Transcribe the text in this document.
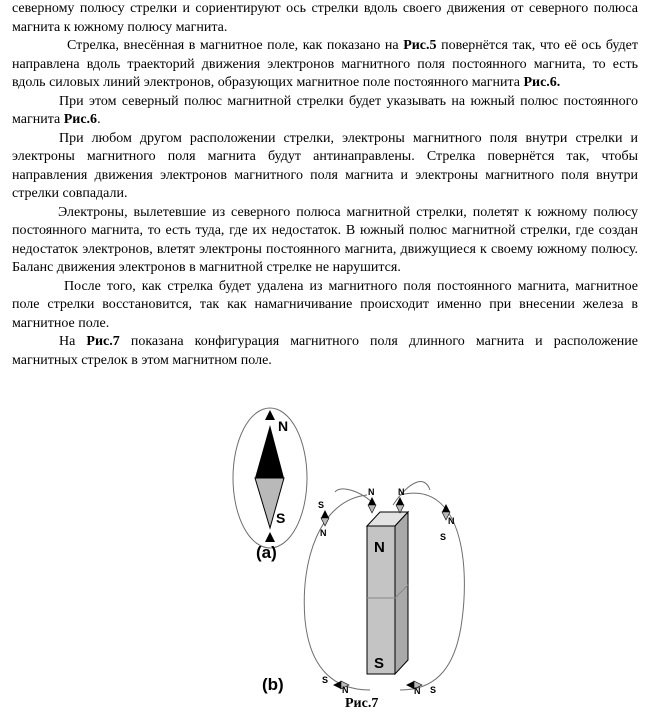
северному полюсу стрелки и сориентируют ось стрелки вдоль своего движения от северного полюса магнита к южному полюсу магнита.

Стрелка, внесённая в магнитное поле, как показано на Рис.5 повернётся так, что её ось будет направлена вдоль траекторий движения электронов магнитного поля постоянного магнита, то есть вдоль силовых линий электронов, образующих магнитное поле постоянного магнита Рис.6.

При этом северный полюс магнитной стрелки будет указывать на южный полюс постоянного магнита Рис.6.

При любом другом расположении стрелки, электроны магнитного поля внутри стрелки и электроны магнитного поля магнита будут антинаправлены. Стрелка повернётся так, чтобы направления движения электронов магнитного поля магнита и электроны магнитного поля внутри стрелки совпадали.

Электроны, вылетевшие из северного полюса магнитной стрелки, полетят к южному полюсу постоянного магнита, то есть туда, где их недостаток. В южный полюс магнитной стрелки, где создан недостаток электронов, влетят электроны постоянного магнита, движущиеся к своему южному полюсу. Баланс движения электронов в магнитной стрелке не нарушится.

После того, как стрелка будет удалена из магнитного поля постоянного магнита, магнитное поле стрелки восстановится, так как намагничивание происходит именно при внесении железа в магнитное поле.

На Рис.7 показана конфигурация магнитного поля длинного магнита и расположение магнитных стрелок в этом магнитном поле.

N
S
(a)	N
S
N	N
S
N
N
S
S
N	N S
(b)
Рис.7
